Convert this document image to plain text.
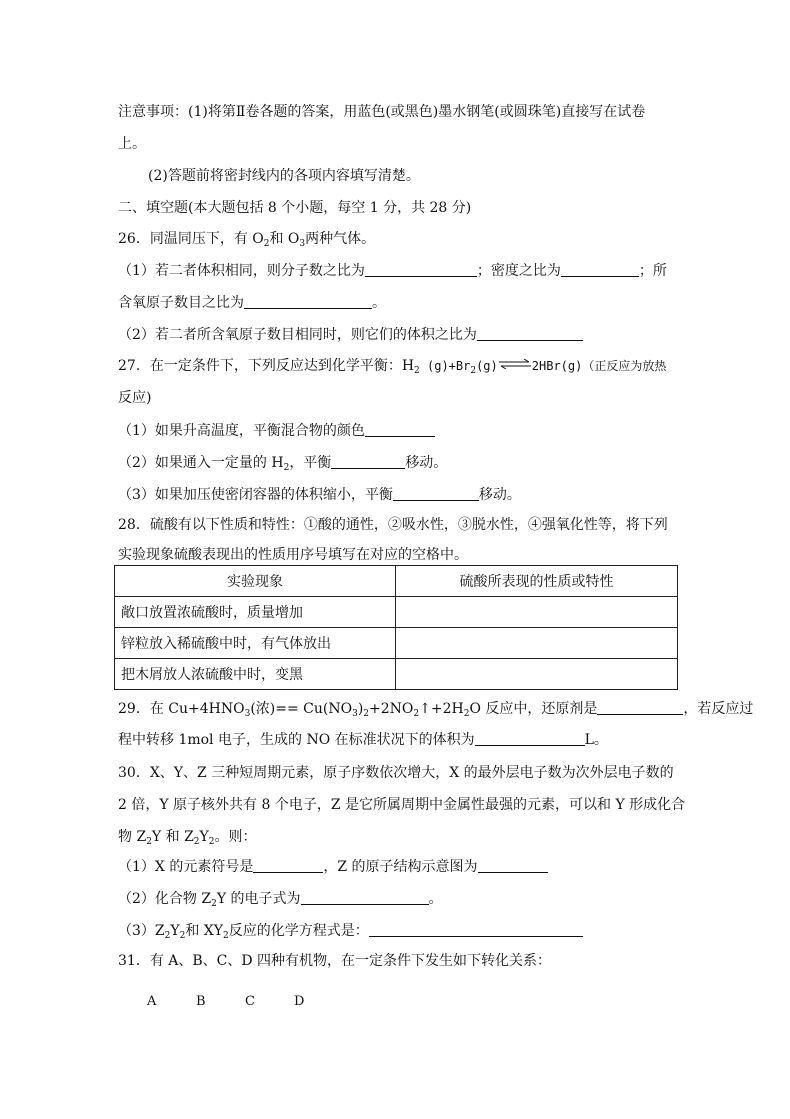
注意事项：(1)将第Ⅱ卷各题的答案，用蓝色(或黑色)墨水钢笔(或圆珠笔)直接写在试卷
上。
(2)答题前将密封线内的各项内容填写清楚。
二、填空题(本大题包括 8 个小题，每空 1 分，共 28 分)
26．同温同压下，有 $O_2$和 $O_3$两种气体。
（1）若二者体积相同，则分子数之比为	；密度之比为	；所
含氧原子数目之比为	。
（2）若二者所含氧原子数目相同时，则它们的体积之比为
27．在一定条件下，下列反应达到化学平衡：$H_2$ $(g)+Br_2(g)\rightleftharpoons 2HBr(g)$（正反应为放热
反应)
（1）如果升高温度，平衡混合物的颜色
（2）如果通入一定量的 $H_2$，平衡	移动。
（3）如果加压使密闭容器的体积缩小，平衡	移动。
28．硫酸有以下性质和特性：①酸的通性，②吸水性，③脱水性，④强氧化性等，将下列
实验现象硫酸表现出的性质用序号填写在对应的空格中。
实验现象	硫酸所表现的性质或特性
敞口放置浓硫酸时，质量增加	
锌粒放入稀硫酸中时，有气体放出	
把木屑放人浓硫酸中时，变黑	
29．在 $Cu+4HNO_3$(浓)== $Cu(NO_3)_2+2NO_2↑+2H_2O$ 反应中，还原剂是	，若反应过
程中转移 1mol 电子，生成的 NO 在标准状况下的体积为	L。
30．X、Y、Z 三种短周期元素，原子序数依次增大，X 的最外层电子数为次外层电子数的
2 倍，Y 原子核外共有 8 个电子，Z 是它所属周期中金属性最强的元素，可以和 Y 形成化合
物 $Z_2Y$ 和 $Z_2Y_2$。则：
（1）X 的元素符号是	，Z 的原子结构示意图为
（2）化合物 $Z_2Y$ 的电子式为	。
$(3)Z_2Y_2$和 $XY_2$反应的化学方程式是：
31．有 A、B、C、D 四种有机物，在一定条件下发生如下转化关系：
A	B	C	D
